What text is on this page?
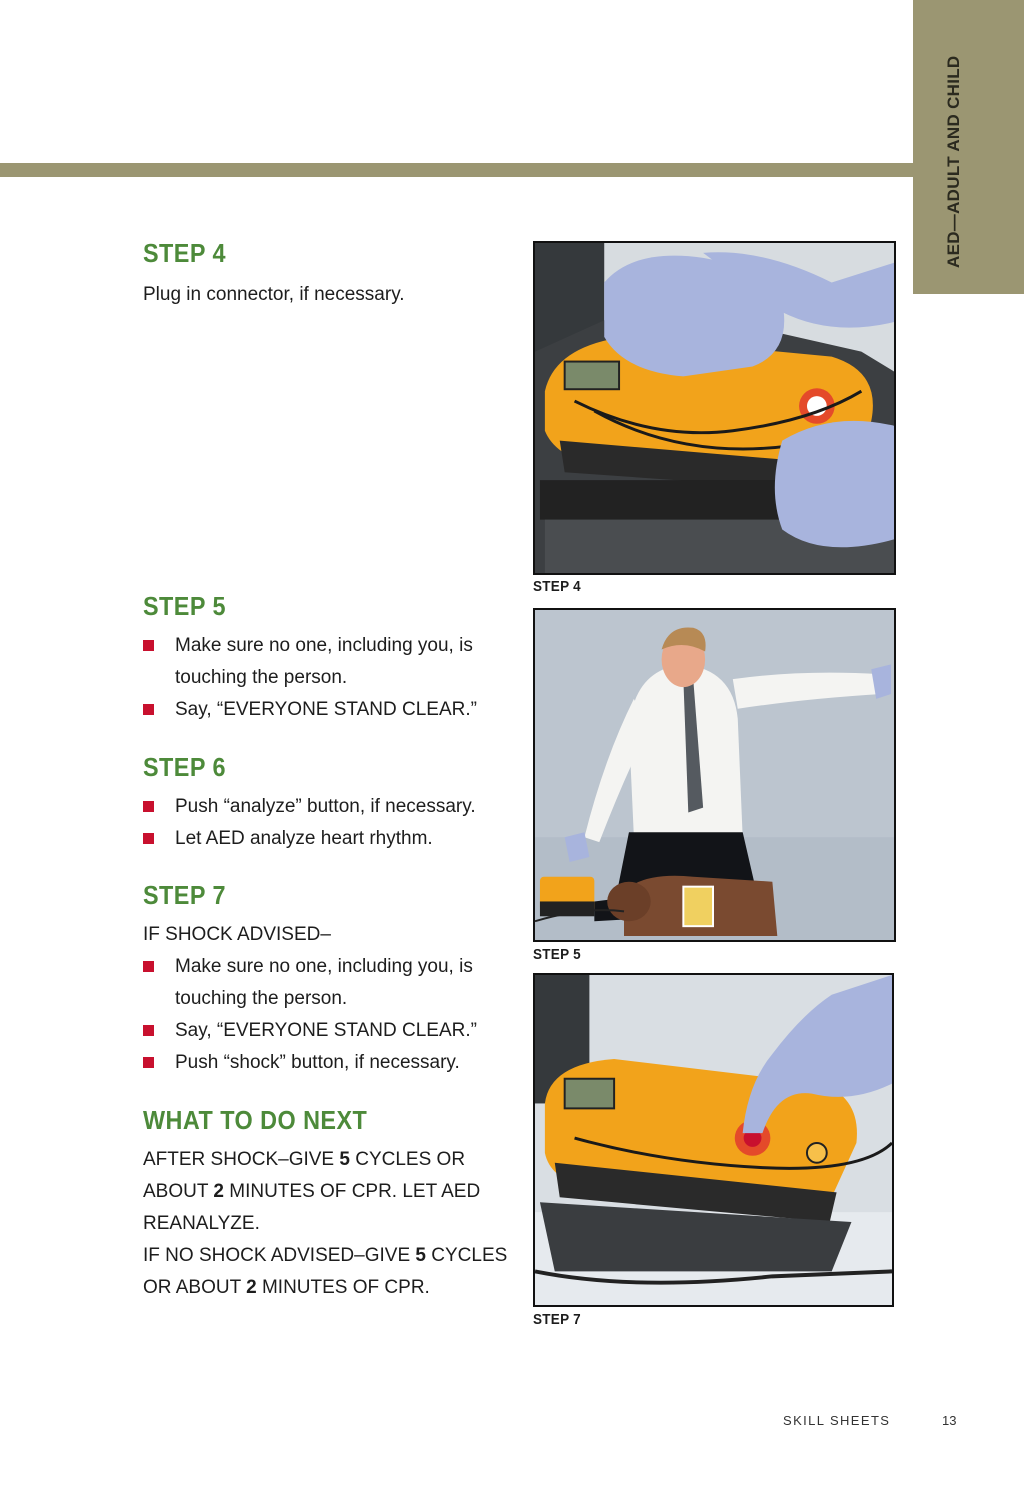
AED—ADULT AND CHILD
STEP 4

Plug in connector, if necessary.

STEP 5
Make sure no one, including you, is touching the person.
Say, “EVERYONE STAND CLEAR.”
STEP 6
Push “analyze” button, if necessary.
Let AED analyze heart rhythm.
STEP 7

IF SHOCK ADVISED–

Make sure no one, including you, is touching the person.
Say, “EVERYONE STAND CLEAR.”
Push “shock” button, if necessary.
WHAT TO DO NEXT
AFTER SHOCK–GIVE 5 CYCLES OR ABOUT 2 MINUTES OF CPR. LET AED REANALYZE.
IF NO SHOCK ADVISED–GIVE 5 CYCLES OR ABOUT 2 MINUTES OF CPR.
STEP 4
STEP 5
STEP 7
SKILL SHEETS	13
